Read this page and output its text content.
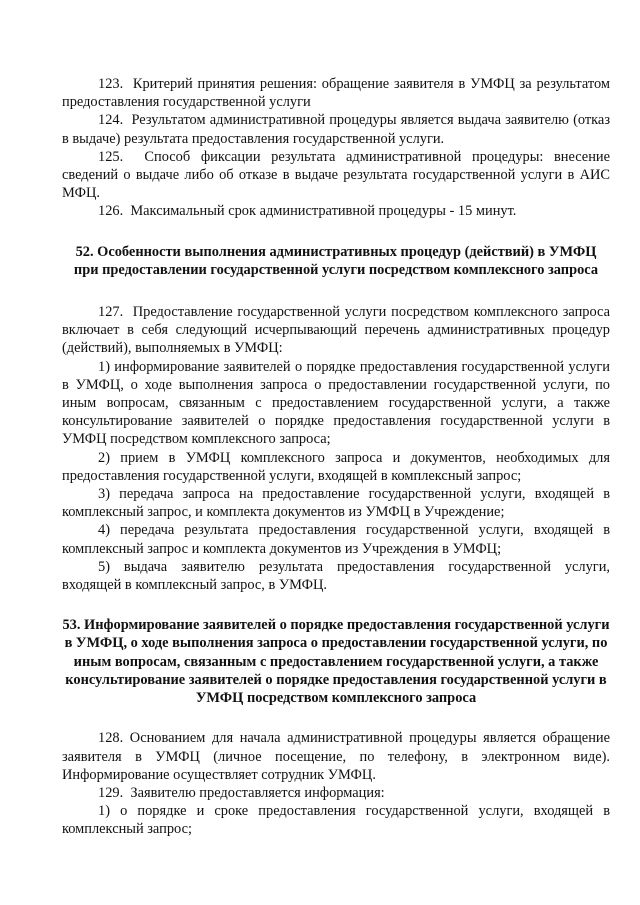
123.  Критерий принятия решения: обращение заявителя в УМФЦ за результатом предоставления государственной услуги

124.  Результатом административной процедуры является выдача заявителю (отказ в выдаче) результата предоставления государственной услуги.

125.  Способ фиксации результата административной процедуры: внесение сведений о выдаче либо об отказе в выдаче результата государственной услуги в АИС МФЦ.

126.  Максимальный срок административной процедуры - 15 минут.

52. Особенности выполнения административных процедур (действий) в УМФЦ при предоставлении государственной услуги посредством комплексного запроса

127.  Предоставление государственной услуги посредством комплексного запроса включает в себя следующий исчерпывающий перечень административных процедур (действий), выполняемых в УМФЦ:

1) информирование заявителей о порядке предоставления государственной услуги в УМФЦ, о ходе выполнения запроса о предоставлении государственной услуги, по иным вопросам, связанным с предоставлением государственной услуги, а также консультирование заявителей о порядке предоставления государственной услуги в УМФЦ посредством комплексного запроса;

2) прием в УМФЦ комплексного запроса и документов, необходимых для предоставления государственной услуги, входящей в комплексный запрос;

3) передача запроса на предоставление государственной услуги, входящей в комплексный запрос, и комплекта документов из УМФЦ в Учреждение;

4) передача результата предоставления государственной услуги, входящей в комплексный запрос и комплекта документов из Учреждения в УМФЦ;

5) выдача заявителю результата предоставления государственной услуги, входящей в комплексный запрос, в УМФЦ.

53. Информирование заявителей о порядке предоставления государственной услуги в УМФЦ, о ходе выполнения запроса о предоставлении государственной услуги, по иным вопросам, связанным с предоставлением государственной услуги, а также консультирование заявителей о порядке предоставления государственной услуги в УМФЦ посредством комплексного запроса

128. Основанием для начала административной процедуры является обращение заявителя в УМФЦ (личное посещение, по телефону, в электронном виде). Информирование осуществляет сотрудник УМФЦ.

129.  Заявителю предоставляется информация:

1) о порядке и сроке предоставления государственной услуги, входящей в комплексный запрос;
